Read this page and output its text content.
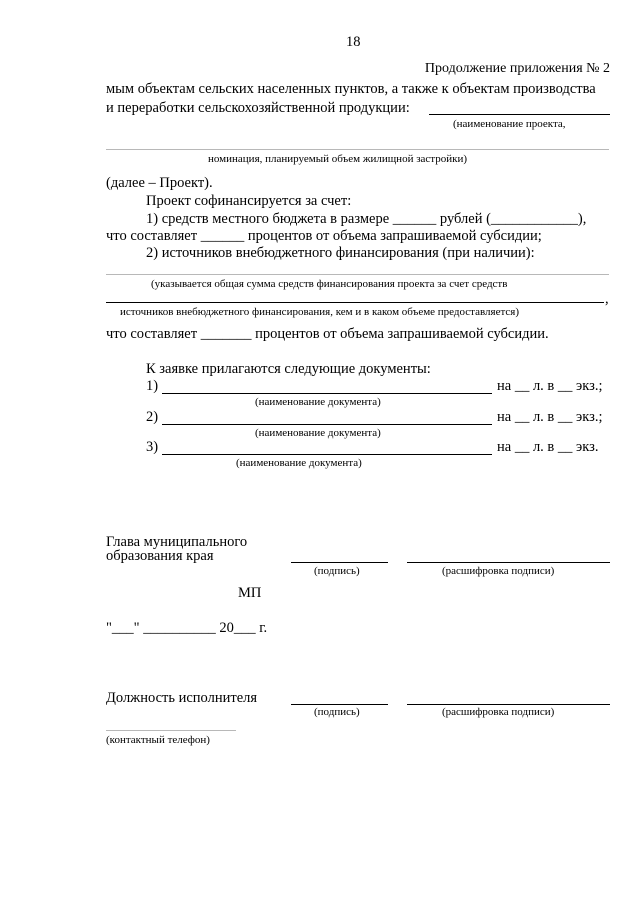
18
Продолжение приложения № 2
мым объектам сельских населенных пунктов, а также к объектам производства
и переработки сельскохозяйственной продукции:
(наименование проекта,
номинация, планируемый объем жилищной застройки)
(далее – Проект).
Проект софинансируется за счет:
1) средств местного бюджета в размере ______ рублей (____________),
что составляет ______ процентов от объема запрашиваемой субсидии;
2) источников внебюджетного финансирования (при наличии):
(указывается общая сумма средств финансирования проекта за счет средств
,
источников внебюджетного финансирования, кем и в каком объеме предоставляется)
что составляет _______ процентов от объема запрашиваемой субсидии.
К заявке прилагаются следующие документы:
1)	на __ л. в __ экз.;
(наименование документа)
2)	на __ л. в __ экз.;
(наименование документа)
3)	на __ л. в __ экз.
(наименование документа)
Глава муниципального
образования края
(подпись)	(расшифровка подписи)
МП
"___" __________ 20___ г.
Должность исполнителя
(подпись)	(расшифровка подписи)
(контактный телефон)
